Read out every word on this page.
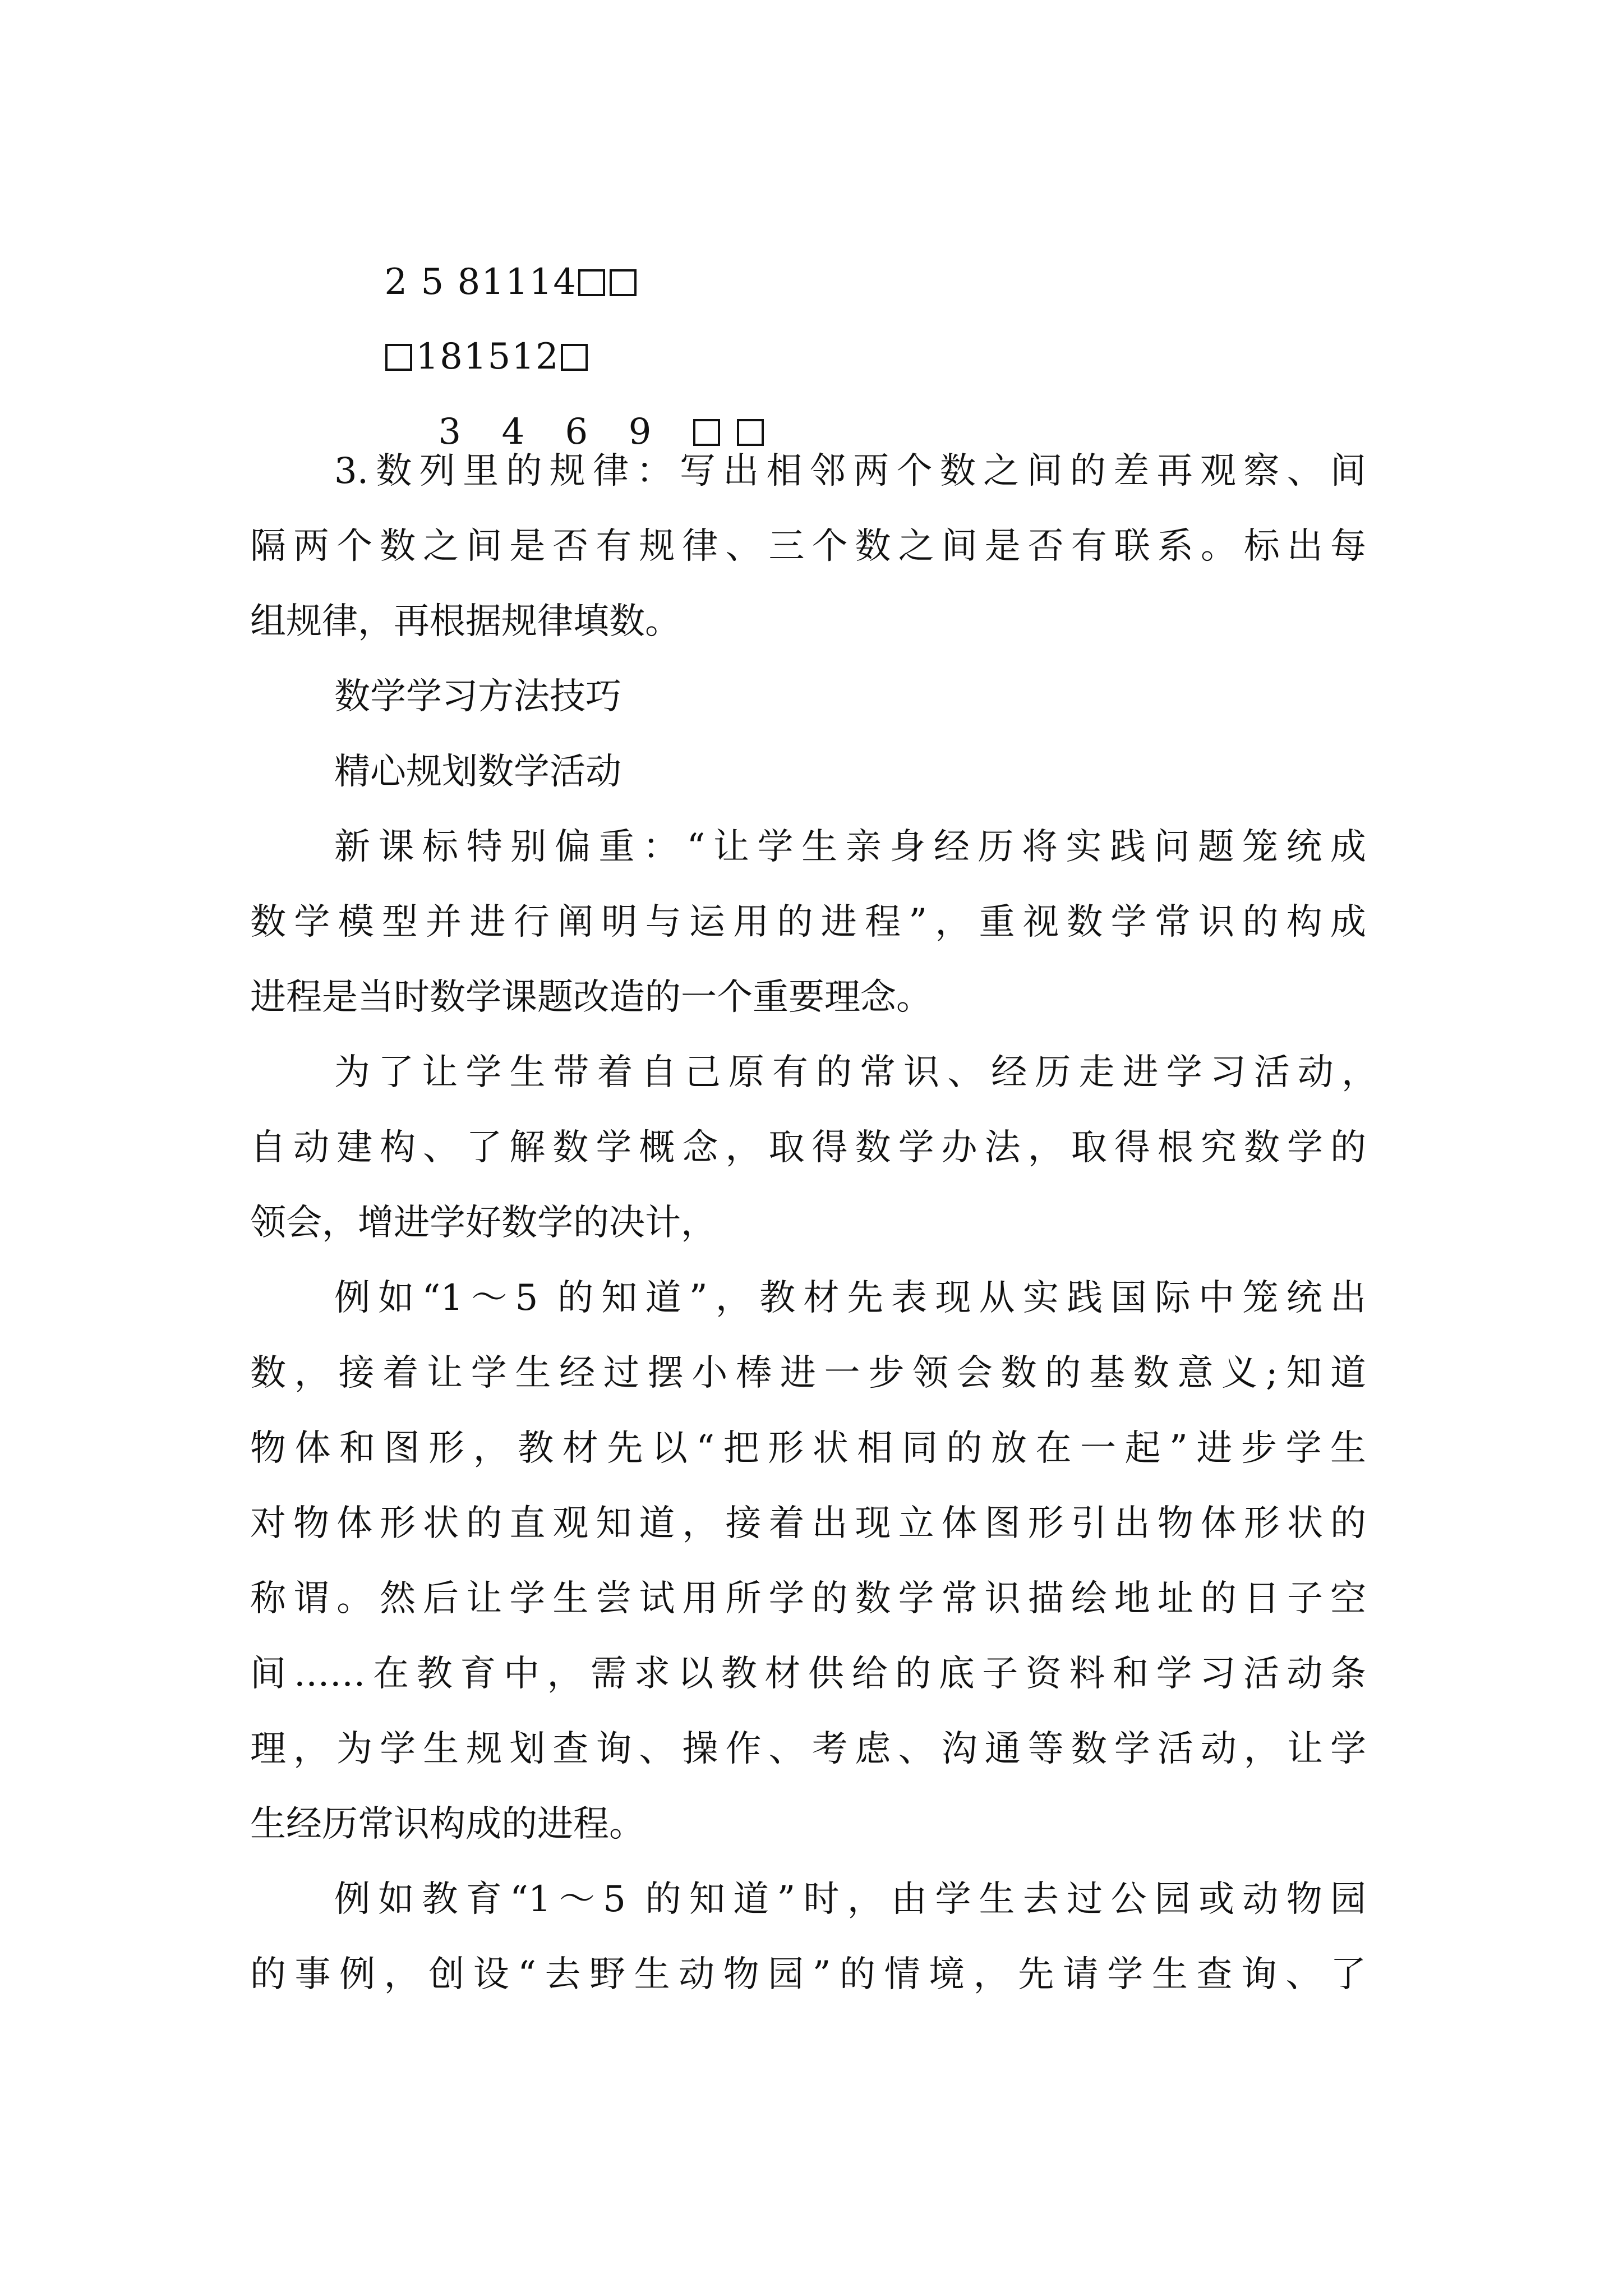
2 5 81114

181512

3 4 6 9

3.数列里的规律：写出相邻两个数之间的差再观察、间
隔两个数之间是否有规律、三个数之间是否有联系。标出每
组规律，再根据规律填数。
数学学习方法技巧
精心规划数学活动
新课标特别偏重：“让学生亲身经历将实践问题笼统成
数学模型并进行阐明与运用的进程”，重视数学常识的构成
进程是当时数学课题改造的一个重要理念。
为了让学生带着自己原有的常识、经历走进学习活动，
自动建构、了解数学概念，取得数学办法，取得根究数学的
领会，增进学好数学的决计，
例如“1～5 的知道”，教材先表现从实践国际中笼统出
数，接着让学生经过摆小棒进一步领会数的基数意义;知道
物体和图形，教材先以“把形状相同的放在一起”进步学生
对物体形状的直观知道，接着出现立体图形引出物体形状的
称谓。然后让学生尝试用所学的数学常识描绘地址的日子空
间……在教育中，需求以教材供给的底子资料和学习活动条
理，为学生规划查询、操作、考虑、沟通等数学活动，让学
生经历常识构成的进程。
例如教育“1～5 的知道”时，由学生去过公园或动物园
的事例，创设“去野生动物园”的情境，先请学生查询、了
